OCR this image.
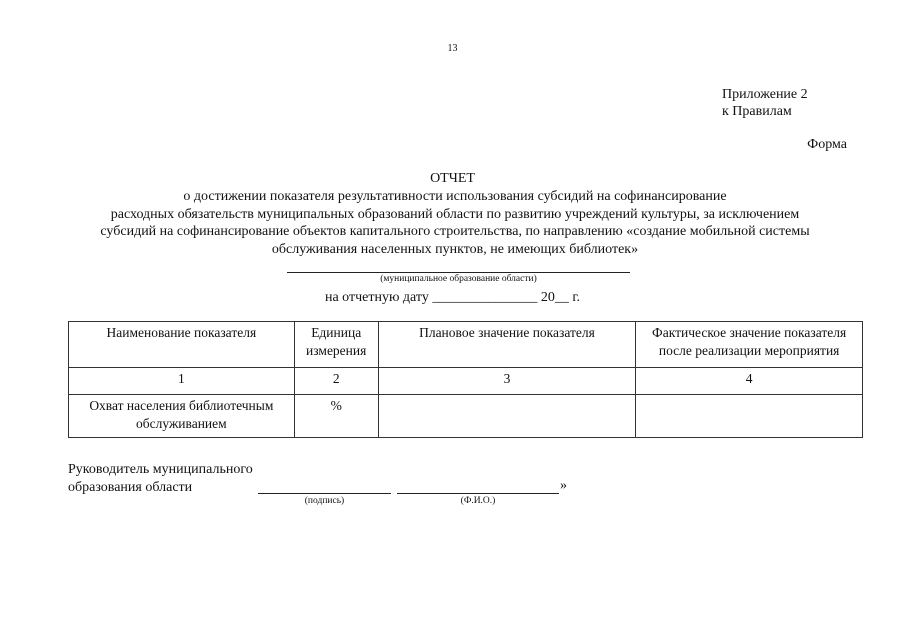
13
Приложение 2
к Правилам
Форма
ОТЧЕТ
о достижении показателя результативности использования субсидий на софинансирование
расходных обязательств муниципальных образований области по развитию учреждений культуры, за исключением
субсидий на софинансирование объектов капитального строительства, по направлению «создание мобильной системы
обслуживания населенных пунктов, не имеющих библиотек»
(муниципальное образование области)
на отчетную дату _______________ 20__ г.
Наименование показателя	Единица измерения	Плановое значение показателя	Фактическое значение показателя после реализации мероприятия
1	2	3	4
Охват населения библиотечным обслуживанием	%		
Руководитель муниципального
образования области
(подпись)	(Ф.И.О.)
»
